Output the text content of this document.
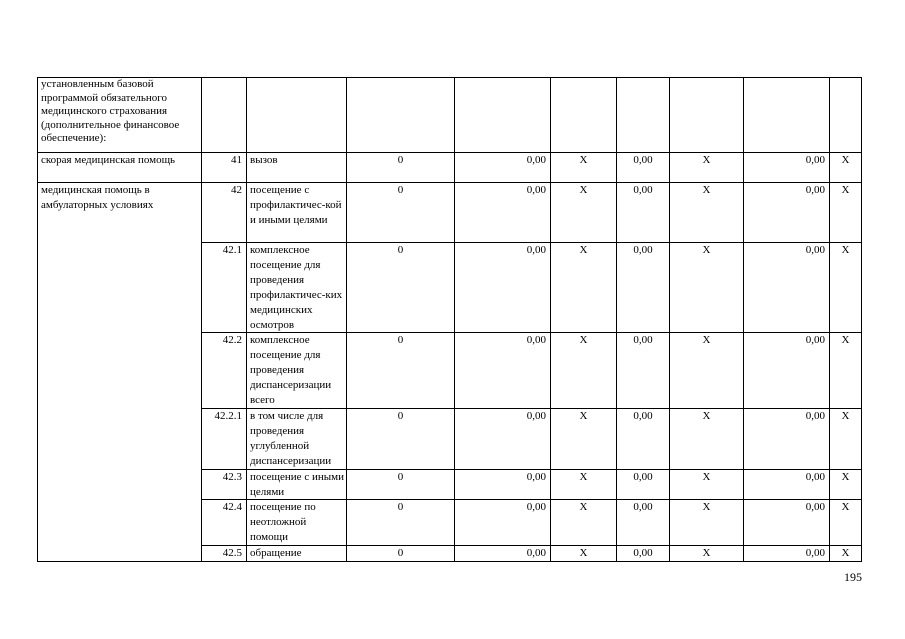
установленным базовой программой обязательного медицинского страхования (дополнительное финансовое обеспечение):									
скорая медицинская помощь	41	вызов	0	0,00	Х	0,00	Х	0,00	Х
медицинская помощь в амбулаторных условиях	42	посещение с профилактичес-кой и иными целями	0	0,00	Х	0,00	Х	0,00	Х
	42.1	комплексное посещение для проведения профилактичес-ких медицинских осмотров	0	0,00	Х	0,00	Х	0,00	Х
	42.2	комплексное посещение для проведения диспансеризации всего	0	0,00	Х	0,00	Х	0,00	Х
	42.2.1	в том числе для проведения углубленной диспансеризации	0	0,00	Х	0,00	Х	0,00	Х
	42.3	посещение с иными целями	0	0,00	Х	0,00	Х	0,00	Х
	42.4	посещение по неотложной помощи	0	0,00	Х	0,00	Х	0,00	Х
	42.5	обращение	0	0,00	Х	0,00	Х	0,00	Х
195
